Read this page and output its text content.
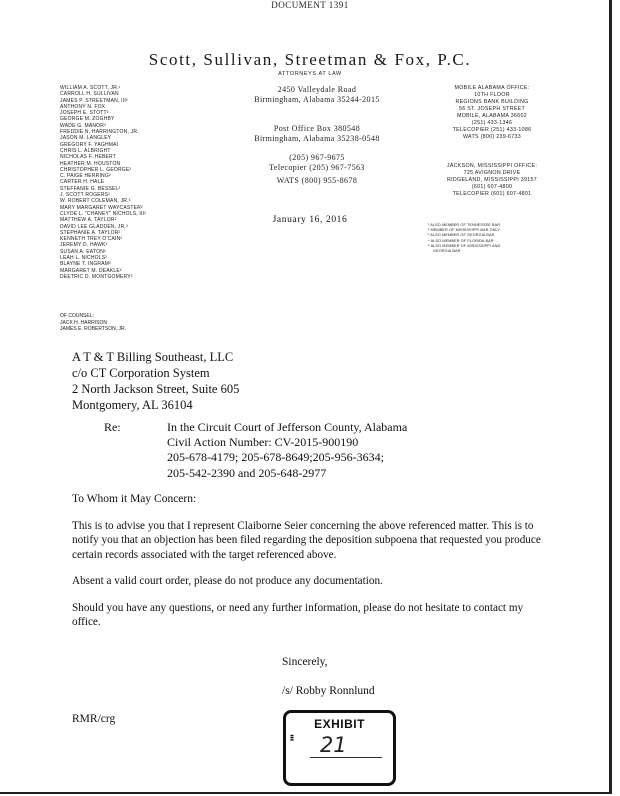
DOCUMENT 1391
Scott, Sullivan, Streetman & Fox, P.C.
ATTORNEYS AT LAW
WILLIAM A. SCOTT, JR.¹
CARROLL H. SULLIVAN
JAMES P. STREETMAN, III²
ANTHONY N. FOX
JOSEPH E. STOTT³
GEORGE M. ZOGHBY
WADE G. MANOR³
FREDDIE N. HARRINGTON, JR.
JASON M. LANGLEY
GREGORY F. YAGHMAI
CHRIS L. ALBRIGHT
NICHOLAS F. HEBERT
HEATHER M. HOUSTON
CHRISTOPHER L. GEORGE²
C. PAIGE HERRING²
CARTER H. HALE
STEFFANIE G. BESSEL²
J. SCOTT ROGERS²
W. ROBERT COLEMAN, JR.³
MARY MARGARET WAYCASTER²
CLYDE L. "CHANEY" NICHOLS, III²
MATTHEW A. TAYLOR²
DAVID LEE GLADDEN, JR.³
STEPHANIE A. TAYLOR²
KENNETH TREY O'CAIN²
JEREMY D. HAWK²
SUSAN A. EATON²
LEAH L. NICHOLS²
BLAYNE T. INGRAM²
MARGARET M. DEAKLE²
DEETRIC D. MONTGOMERY²
OF COUNSEL:
JACK H. HARRISON
JAMES E. ROBERTSON, JR.
2450 Valleydale Road
Birmingham, Alabama 35244-2015
Post Office Box 380548
Birmingham, Alabama 35238-0548
(205) 967-9675
Telecopier (205) 967-7563
WATS (800) 955-8678
MOBILE ALABAMA OFFICE:
10TH FLOOR
REGIONS BANK BUILDING
56 ST. JOSEPH STREET
MOBILE, ALABAMA 36602
(251) 433-1346
TELECOPIER (251) 433-1086
WATS (800) 239-6733
JACKSON, MISSISSIPPI OFFICE:
725 AVIGNON DRIVE
RIDGELAND, MISSISSIPPI 39157
(601) 607-4800
TELECOPIER (601) 607-4801
¹ ALSO MEMBER OF TENNESSEE BAR
² MEMBER OF MISSISSIPPI BAR ONLY
³ ALSO MEMBER OF GEORGIA BAR
⁴ ALSO MEMBER OF FLORIDA BAR
⁵ ALSO MEMBER OF MISSISSIPPI AND
GEORGIA BAR
January 16, 2016
A T & T Billing Southeast, LLC
c/o CT Corporation System
2 North Jackson Street, Suite 605
Montgomery, AL 36104
Re:	In the Circuit Court of Jefferson County, Alabama
Civil Action Number: CV-2015-900190
205-678-4179; 205-678-8649;205-956-3634;
205-542-2390 and 205-648-2977
To Whom it May Concern:
This is to advise you that I represent Claiborne Seier concerning the above referenced matter. This is to notify you that an objection has been filed regarding the deposition subpoena that requested you produce certain records associated with the target referenced above.
Absent a valid court order, please do not produce any documentation.
Should you have any questions, or need any further information, please do not hesitate to contact my office.
Sincerely,
/s/ Robby Ronnlund
RMR/crg
▮▮▮
EXHIBIT
21
